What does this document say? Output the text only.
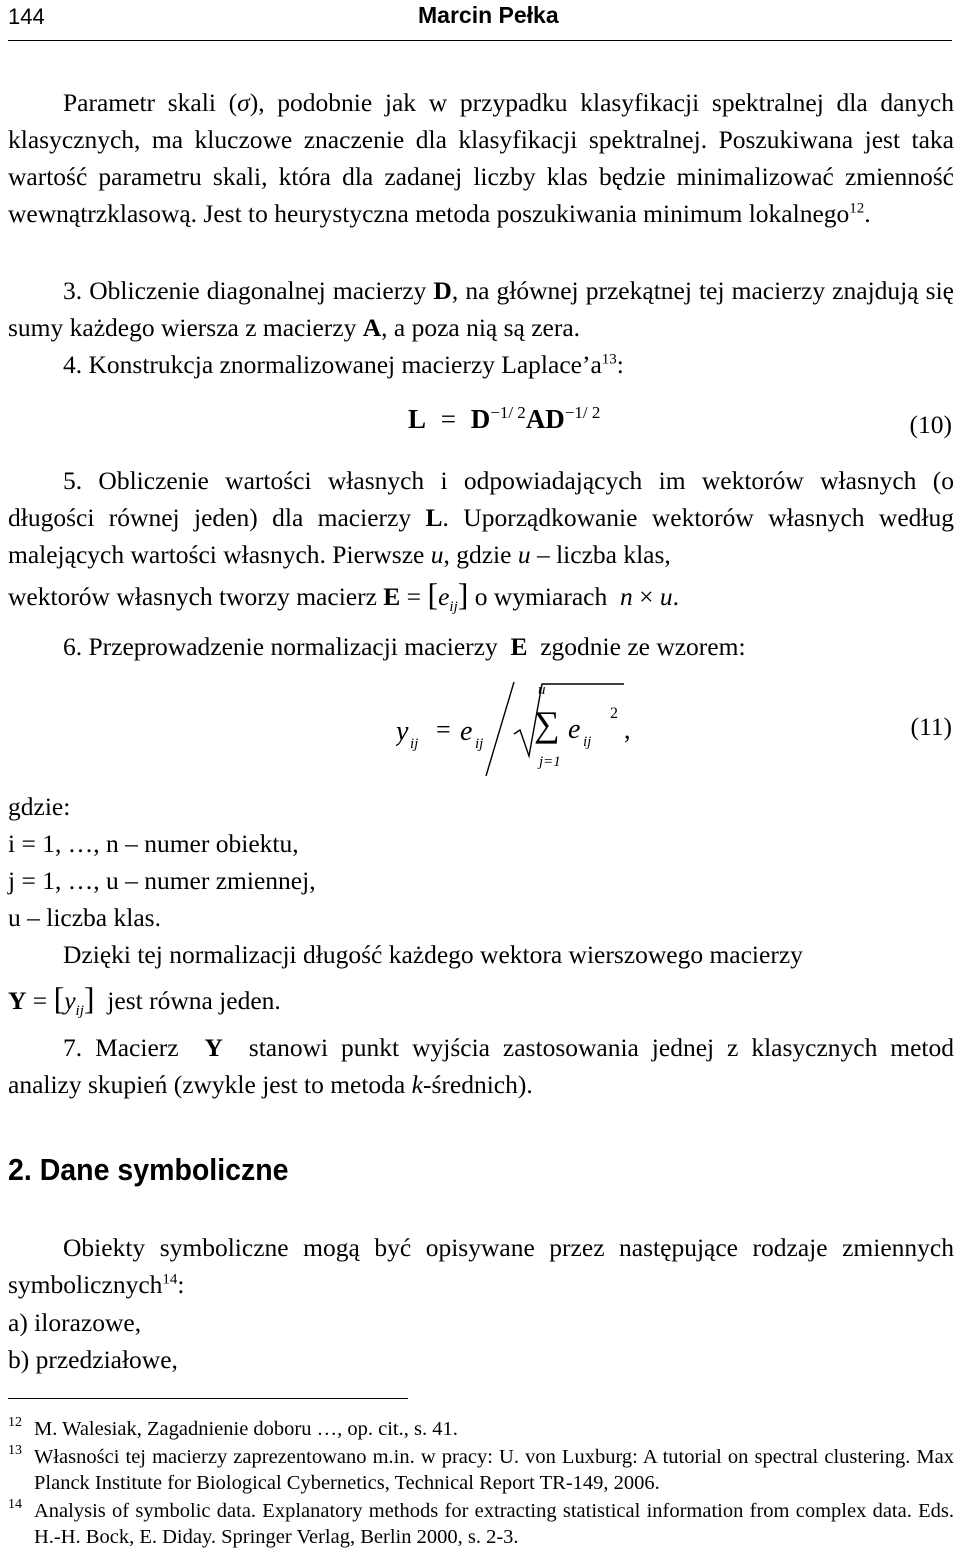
144	Marcin Pełka

Parametr skali (σ), podobnie jak w przypadku klasyfikacji spektralnej dla danych klasycznych, ma kluczowe znaczenie dla klasyfikacji spektralnej. Poszukiwana jest taka wartość parametru skali, która dla zadanej liczby klas będzie minimalizować zmienność wewnątrzklasową. Jest to heurystyczna metoda poszukiwania minimum lokalnego$^{12}$.

3. Obliczenie diagonalnej macierzy D, na głównej przekątnej tej macierzy znajdują się sumy każdego wiersza z macierzy A, a poza nią są zera.

4. Konstrukcja znormalizowanej macierzy $Laplace’a^{13}$:

$L = D^{-1/ 2}AD^{-1/ 2}$	(10)

5. Obliczenie wartości własnych i odpowiadających im wektorów własnych (o długości równej jeden) dla macierzy L. Uporządkowanie wektorów własnych według malejących wartości własnych. Pierwsze u, gdzie u – liczba klas,

wektorów własnych tworzy macierz $E = [e_{ij}]$ o wymiarach n × u.

6. Przeprowadzenie normalizacji macierzy E zgodnie ze wzorem:

y ij = e ij
u
∑
j=1
e ij
2
,	(11)

gdzie:

i = 1, …, n – numer obiektu,

j = 1, …, u – numer zmiennej,

u – liczba klas.

Dzięki tej normalizacji długość każdego wektora wierszowego macierzy

$Y = [y_{ij}]$ jest równa jeden.

7. Macierz Y stanowi punkt wyjścia zastosowania jednej z klasycznych metod analizy skupień (zwykle jest to metoda k-średnich).

2. Dane symboliczne

Obiekty symboliczne mogą być opisywane przez następujące rodzaje zmiennych symbolicznych$^{14}$:

a) ilorazowe,

b) przedziałowe,

12 M. Walesiak, Zagadnienie doboru …, op. cit., s. 41.
13 Własności tej macierzy zaprezentowano m.in. w pracy: U. von Luxburg: A tutorial on spectral clustering. Max Planck Institute for Biological Cybernetics, Technical Report TR-149, 2006.
14 Analysis of symbolic data. Explanatory methods for extracting statistical information from complex data. Eds. H.-H. Bock, E. Diday. Springer Verlag, Berlin 2000, s. 2-3.
